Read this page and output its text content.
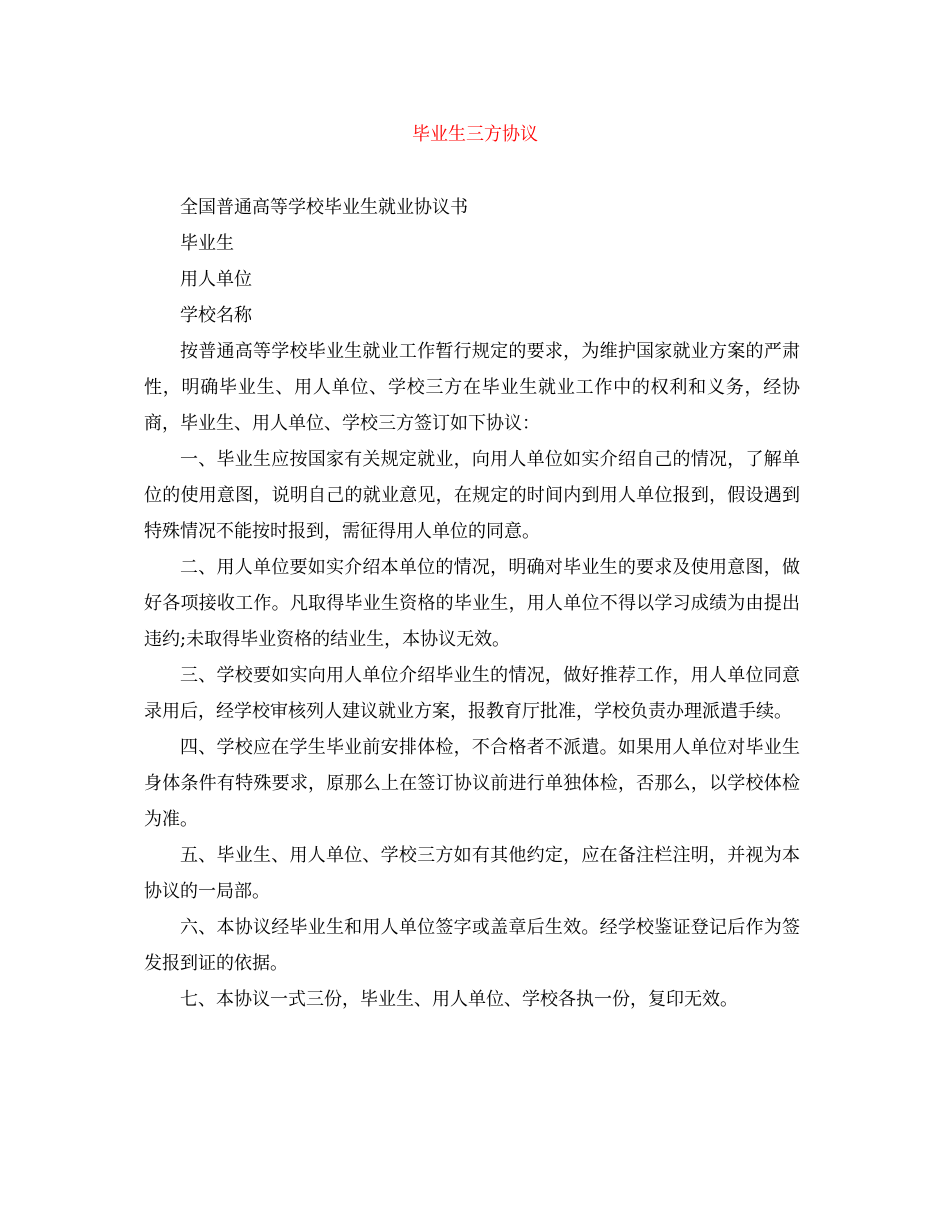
毕业生三方协议

全国普通高等学校毕业生就业协议书

毕业生

用人单位

学校名称

按普通高等学校毕业生就业工作暂行规定的要求，为维护国家就业方案的严肃性，明确毕业生、用人单位、学校三方在毕业生就业工作中的权利和义务，经协商，毕业生、用人单位、学校三方签订如下协议：

一、毕业生应按国家有关规定就业，向用人单位如实介绍自己的情况，了解单位的使用意图，说明自己的就业意见，在规定的时间内到用人单位报到，假设遇到特殊情况不能按时报到，需征得用人单位的同意。

二、用人单位要如实介绍本单位的情况，明确对毕业生的要求及使用意图，做好各项接收工作。凡取得毕业生资格的毕业生，用人单位不得以学习成绩为由提出违约;未取得毕业资格的结业生，本协议无效。

三、学校要如实向用人单位介绍毕业生的情况，做好推荐工作，用人单位同意录用后，经学校审核列人建议就业方案，报教育厅批准，学校负责办理派遣手续。

四、学校应在学生毕业前安排体检，不合格者不派遣。如果用人单位对毕业生身体条件有特殊要求，原那么上在签订协议前进行单独体检，否那么，以学校体检为准。

五、毕业生、用人单位、学校三方如有其他约定，应在备注栏注明，并视为本协议的一局部。

六、本协议经毕业生和用人单位签字或盖章后生效。经学校鉴证登记后作为签发报到证的依据。

七、本协议一式三份，毕业生、用人单位、学校各执一份，复印无效。
